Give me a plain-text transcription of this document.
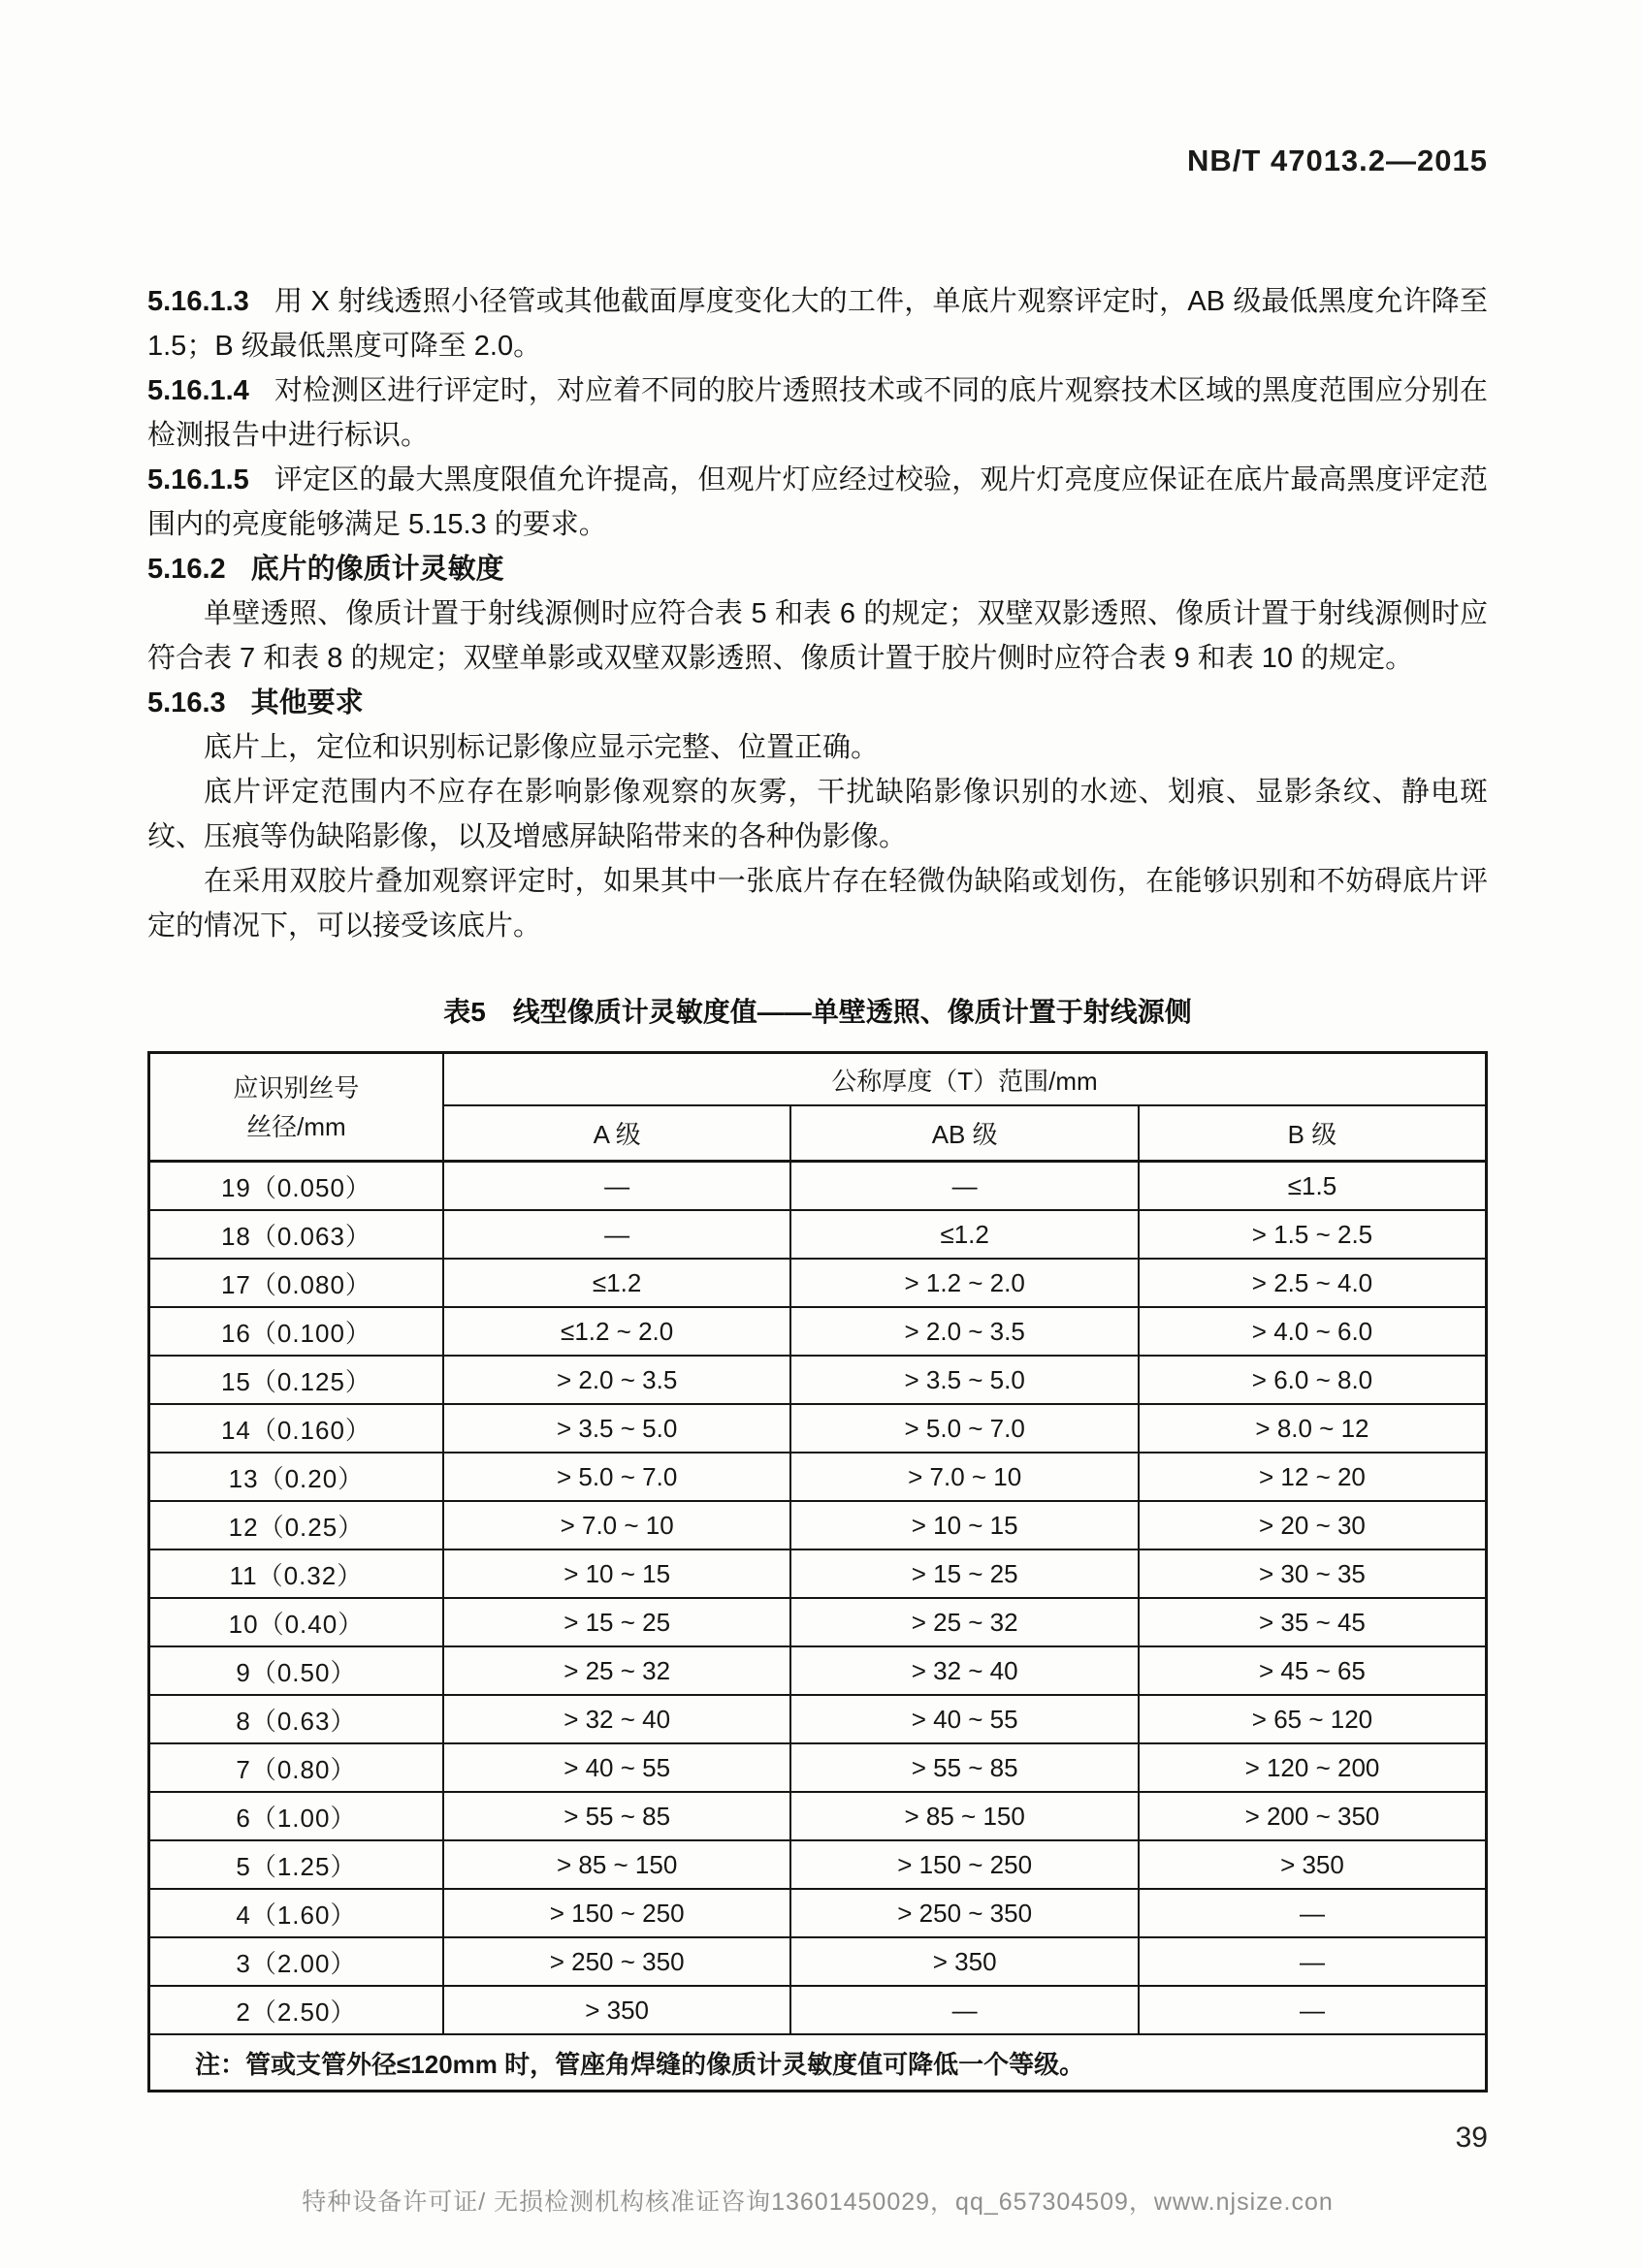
NB/T 47013.2—2015

5.16.1.3 用 X 射线透照小径管或其他截面厚度变化大的工件，单底片观察评定时，AB 级最低黑度允许降至 1.5；B 级最低黑度可降至 2.0。

5.16.1.4 对检测区进行评定时，对应着不同的胶片透照技术或不同的底片观察技术区域的黑度范围应分别在检测报告中进行标识。

5.16.1.5 评定区的最大黑度限值允许提高，但观片灯应经过校验，观片灯亮度应保证在底片最高黑度评定范围内的亮度能够满足 5.15.3 的要求。

5.16.2 底片的像质计灵敏度

单壁透照、像质计置于射线源侧时应符合表 5 和表 6 的规定；双壁双影透照、像质计置于射线源侧时应符合表 7 和表 8 的规定；双壁单影或双壁双影透照、像质计置于胶片侧时应符合表 9 和表 10 的规定。

5.16.3 其他要求

底片上，定位和识别标记影像应显示完整、位置正确。

底片评定范围内不应存在影响影像观察的灰雾，干扰缺陷影像识别的水迹、划痕、显影条纹、静电斑纹、压痕等伪缺陷影像，以及增感屏缺陷带来的各种伪影像。

在采用双胶片叠加观察评定时，如果其中一张底片存在轻微伪缺陷或划伤，在能够识别和不妨碍底片评定的情况下，可以接受该底片。

表5　线型像质计灵敏度值——单壁透照、像质计置于射线源侧
应识别丝号
丝径/mm	公称厚度（T）范围/mm		
	A 级	AB 级	B 级
19（0.050）	—	—	≤1.5
18（0.063）	—	≤1.2	> 1.5 ~ 2.5
17（0.080）	≤1.2	> 1.2 ~ 2.0	> 2.5 ~ 4.0
16（0.100）	≤1.2 ~ 2.0	> 2.0 ~ 3.5	> 4.0 ~ 6.0
15（0.125）	> 2.0 ~ 3.5	> 3.5 ~ 5.0	> 6.0 ~ 8.0
14（0.160）	> 3.5 ~ 5.0	> 5.0 ~ 7.0	> 8.0 ~ 12
13（0.20）	> 5.0 ~ 7.0	> 7.0 ~ 10	> 12 ~ 20
12（0.25）	> 7.0 ~ 10	> 10 ~ 15	> 20 ~ 30
11（0.32）	> 10 ~ 15	> 15 ~ 25	> 30 ~ 35
10（0.40）	> 15 ~ 25	> 25 ~ 32	> 35 ~ 45
9（0.50）	> 25 ~ 32	> 32 ~ 40	> 45 ~ 65
8（0.63）	> 32 ~ 40	> 40 ~ 55	> 65 ~ 120
7（0.80）	> 40 ~ 55	> 55 ~ 85	> 120 ~ 200
6（1.00）	> 55 ~ 85	> 85 ~ 150	> 200 ~ 350
5（1.25）	> 85 ~ 150	> 150 ~ 250	> 350
4（1.60）	> 150 ~ 250	> 250 ~ 350	—
3（2.00）	> 250 ~ 350	> 350	—
2（2.50）	> 350	—	—
注：管或支管外径≤120mm 时，管座角焊缝的像质计灵敏度值可降低一个等级。			
39
特种设备许可证/ 无损检测机构核准证咨询13601450029，qq_657304509，www.njsize.con
